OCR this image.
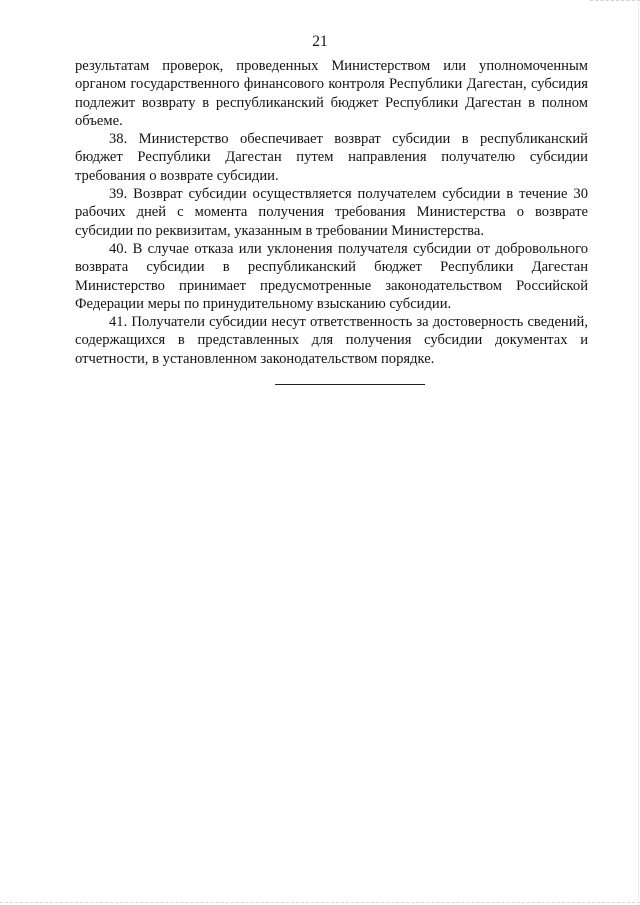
21

результатам проверок, проведенных Министерством или уполномоченным органом государственного финансового контроля Республики Дагестан, субсидия подлежит возврату в республиканский бюджет Республики Дагестан в полном объеме.

38. Министерство обеспечивает возврат субсидии в республиканский бюджет Республики Дагестан путем направления получателю субсидии требования о возврате субсидии.

39. Возврат субсидии осуществляется получателем субсидии в течение 30 рабочих дней с момента получения требования Министерства о возврате субсидии по реквизитам, указанным в требовании Министерства.

40. В случае отказа или уклонения получателя субсидии от добровольного возврата субсидии в республиканский бюджет Республики Дагестан Министерство принимает предусмотренные законодательством Российской Федерации меры по принудительному взысканию субсидии.

41. Получатели субсидии несут ответственность за достоверность сведений, содержащихся в представленных для получения субсидии документах и отчетности, в установленном законодательством порядке.
